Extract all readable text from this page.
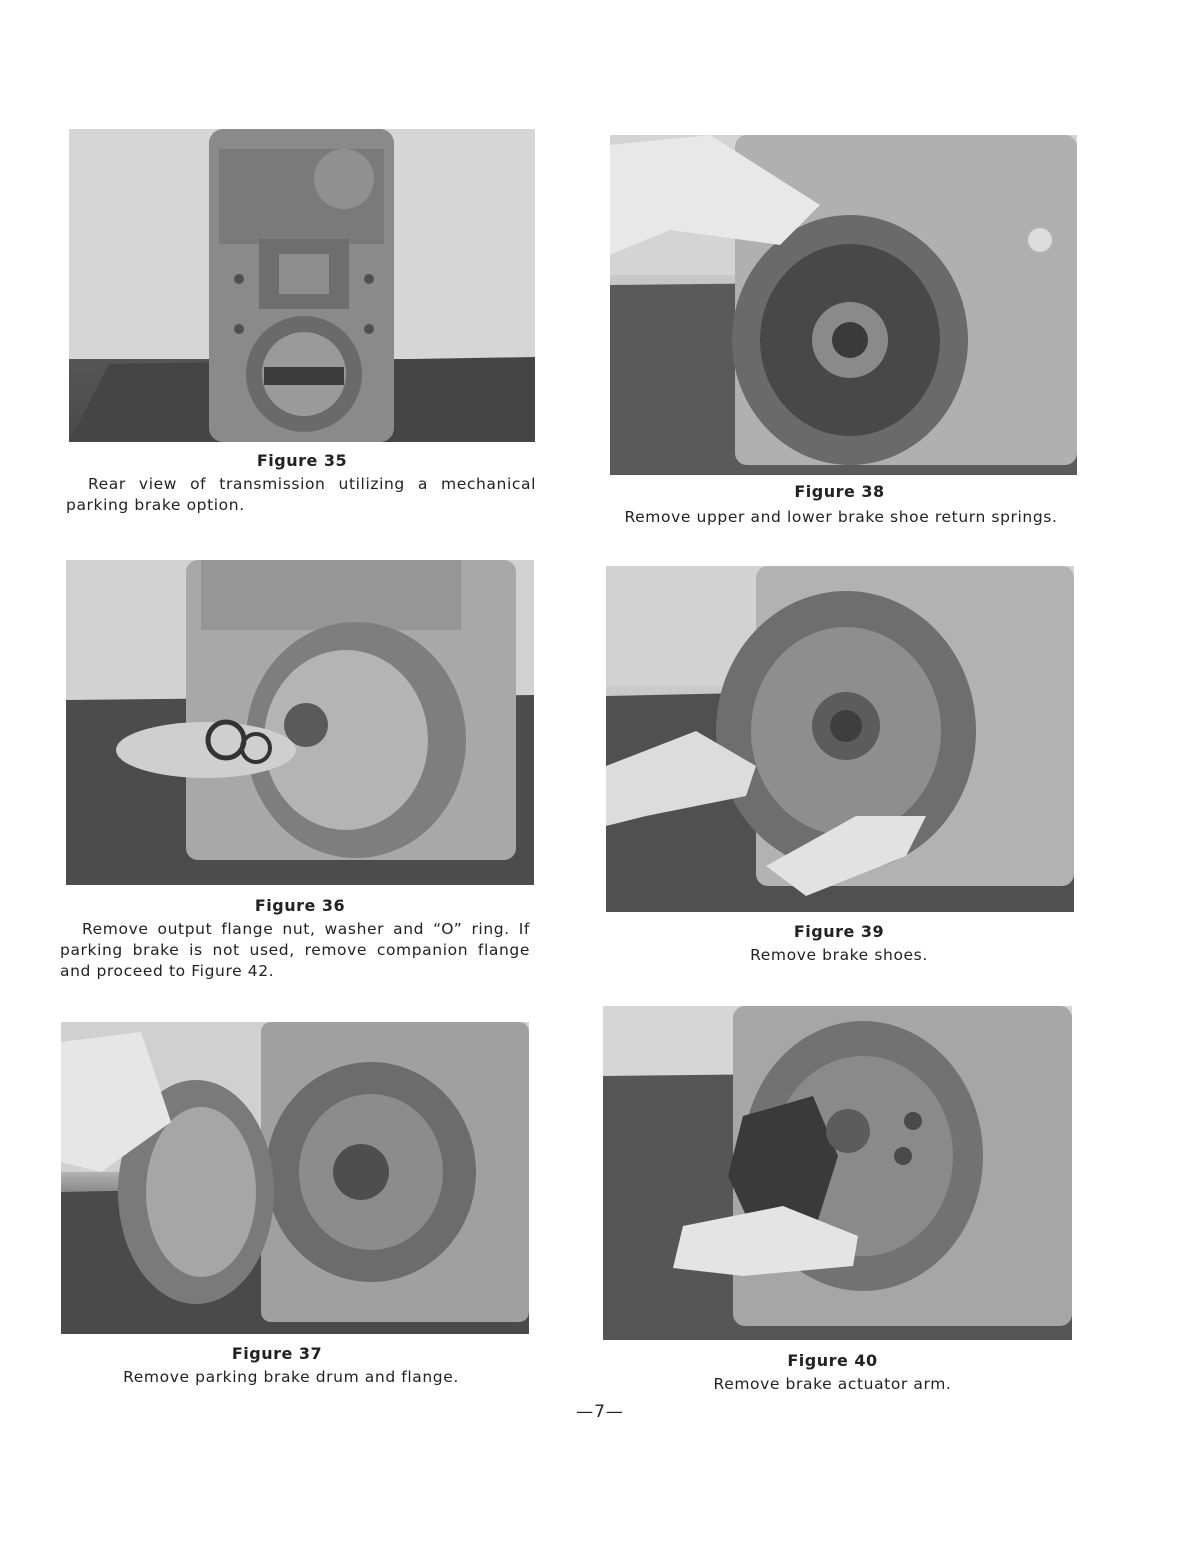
Figure 35

Rear view of transmission utilizing a mechanical parking brake option.

Figure 36

Remove output flange nut, washer and “O” ring. If parking brake is not used, remove companion flange and proceed to Figure 42.

Figure 37

Remove parking brake drum and flange.

Figure 38

Remove upper and lower brake shoe return springs.

Figure 39

Remove brake shoes.

Figure 40

Remove brake actuator arm.

—7—
